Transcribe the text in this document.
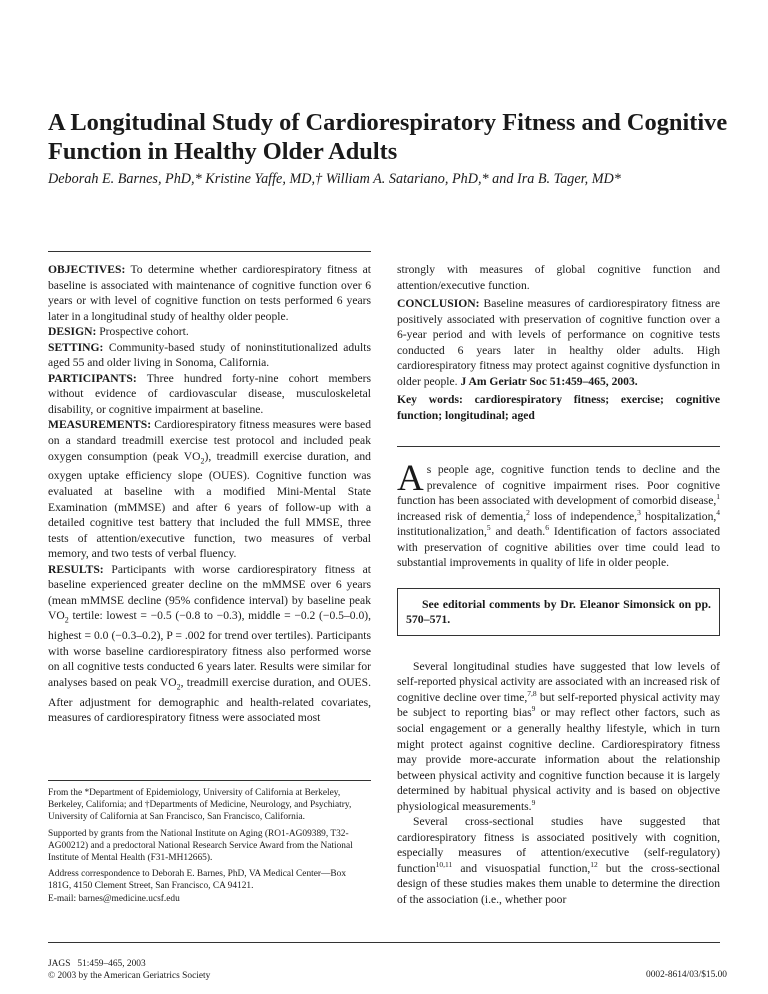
A Longitudinal Study of Cardiorespiratory Fitness and Cognitive Function in Healthy Older Adults
Deborah E. Barnes, PhD,* Kristine Yaffe, MD,† William A. Satariano, PhD,* and Ira B. Tager, MD*

OBJECTIVES: To determine whether cardiorespiratory fitness at baseline is associated with maintenance of cognitive function over 6 years or with level of cognitive function on tests performed 6 years later in a longitudinal study of healthy older people.

DESIGN: Prospective cohort.

SETTING: Community-based study of noninstitutionalized adults aged 55 and older living in Sonoma, California.

PARTICIPANTS: Three hundred forty-nine cohort members without evidence of cardiovascular disease, musculoskeletal disability, or cognitive impairment at baseline.

MEASUREMENTS: Cardiorespiratory fitness measures were based on a standard treadmill exercise test protocol and included peak oxygen consumption (peak $VO_2$), treadmill exercise duration, and oxygen uptake efficiency slope (OUES). Cognitive function was evaluated at baseline with a modified Mini-Mental State Examination (mMMSE) and after 6 years of follow-up with a detailed cognitive test battery that included the full MMSE, three tests of attention/executive function, two measures of verbal memory, and two tests of verbal fluency.

RESULTS: Participants with worse cardiorespiratory fitness at baseline experienced greater decline on the mMMSE over 6 years (mean mMMSE decline (95% confidence interval) by baseline peak $VO_2$ tertile: lowest = −0.5 (−0.8 to −0.3), middle = −0.2 (−0.5–0.0), highest = 0.0 (−0.3–0.2), P = .002 for trend over tertiles). Participants with worse baseline cardiorespiratory fitness also performed worse on all cognitive tests conducted 6 years later. Results were similar for analyses based on peak $VO_2$, treadmill exercise duration, and OUES. After adjustment for demographic and health-related covariates, measures of cardiorespiratory fitness were associated most

From the *Department of Epidemiology, University of California at Berkeley, Berkeley, California; and †Departments of Medicine, Neurology, and Psychiatry, University of California at San Francisco, San Francisco, California.

Supported by grants from the National Institute on Aging (RO1-AG09389, T32-AG00212) and a predoctoral National Research Service Award from the National Institute of Mental Health (F31-MH12665).

Address correspondence to Deborah E. Barnes, PhD, VA Medical Center—Box 181G, 4150 Clement Street, San Francisco, CA 94121.
E-mail: barnes@medicine.ucsf.edu

strongly with measures of global cognitive function and attention/executive function.

CONCLUSION: Baseline measures of cardiorespiratory fitness are positively associated with preservation of cognitive function over a 6-year period and with levels of performance on cognitive tests conducted 6 years later in healthy older adults. High cardiorespiratory fitness may protect against cognitive dysfunction in older people. J Am Geriatr Soc 51:459–465, 2003.

Key words: cardiorespiratory fitness; exercise; cognitive function; longitudinal; aged

As people age, cognitive function tends to decline and the prevalence of cognitive impairment rises. Poor cognitive function has been associated with development of comorbid disease,$^1$ increased risk of dementia,$^2$ loss of independence,$^3$ hospitalization,$^4$ institutionalization,$^5$ and death.$^6$ Identification of factors associated with preservation of cognitive abilities over time could lead to substantial improvements in quality of life in older people.

See editorial comments by Dr. Eleanor Simonsick on pp. 570–571.

Several longitudinal studies have suggested that low levels of self-reported physical activity are associated with an increased risk of cognitive decline over time,$^{7,8}$ but self-reported physical activity may be subject to reporting bias$^9$ or may reflect other factors, such as social engagement or a generally healthy lifestyle, which in turn might protect against cognitive decline. Cardiorespiratory fitness may provide more-accurate information about the relationship between physical activity and cognitive function because it is largely determined by habitual physical activity and is based on objective physiological measurements.$^9$

Several cross-sectional studies have suggested that cardiorespiratory fitness is associated positively with cognition, especially measures of attention/executive (self-regulatory) function$^{10,11}$ and visuospatial function,$^{12}$ but the cross-sectional design of these studies makes them unable to determine the direction of the association (i.e., whether poor

JAGS   51:459–465, 2003
© 2003 by the American Geriatrics Society	0002-8614/03/$15.00
